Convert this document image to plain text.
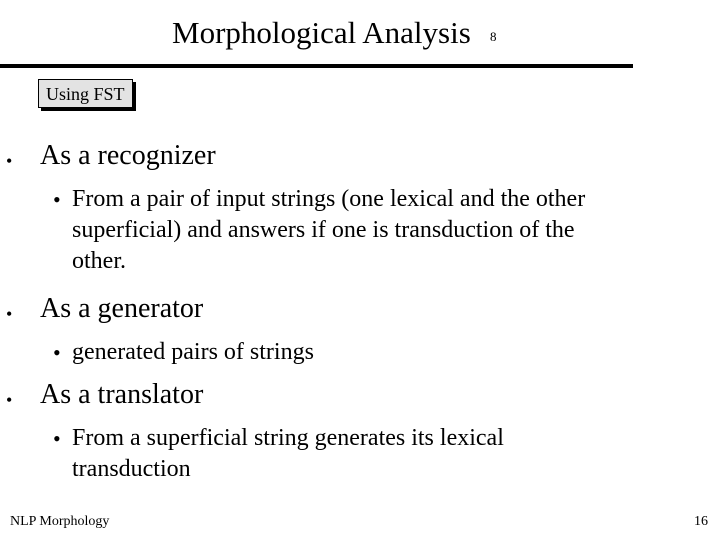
Morphological Analysis 8
Using FST
• As a recognizer
• From a pair of input strings (one lexical and the other
superficial) and answers if one is transduction of the
other.
• As a generator
• generated pairs of strings
• As a translator
• From a superficial string generates its lexical
transduction
NLP Morphology	16
